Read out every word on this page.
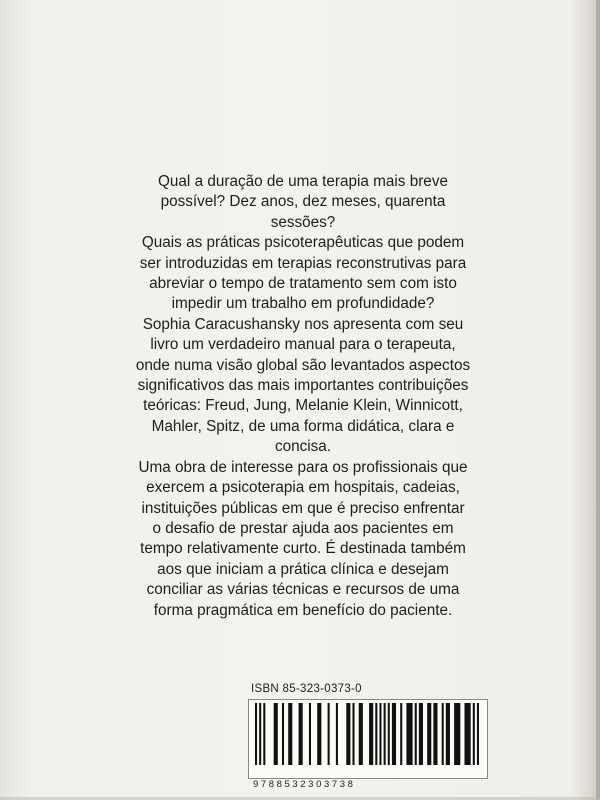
Qual a duração de uma terapia mais breve

possível? Dez anos, dez meses, quarenta

sessões?

Quais as práticas psicoterapêuticas que podem

ser introduzidas em terapias reconstrutivas para

abreviar o tempo de tratamento sem com isto

impedir um trabalho em profundidade?

Sophia Caracushansky nos apresenta com seu

livro um verdadeiro manual para o terapeuta,

onde numa visão global são levantados aspectos

significativos das mais importantes contribuições

teóricas: Freud, Jung, Melanie Klein, Winnicott,

Mahler, Spitz, de uma forma didática, clara e

concisa.

Uma obra de interesse para os profissionais que

exercem a psicoterapia em hospitais, cadeias,

instituições públicas em que é preciso enfrentar

o desafio de prestar ajuda aos pacientes em

tempo relativamente curto. É destinada também

aos que iniciam a prática clínica e desejam

conciliar as várias técnicas e recursos de uma

forma pragmática em benefício do paciente.

ISBN 85-323-0373-0
9788532303738
